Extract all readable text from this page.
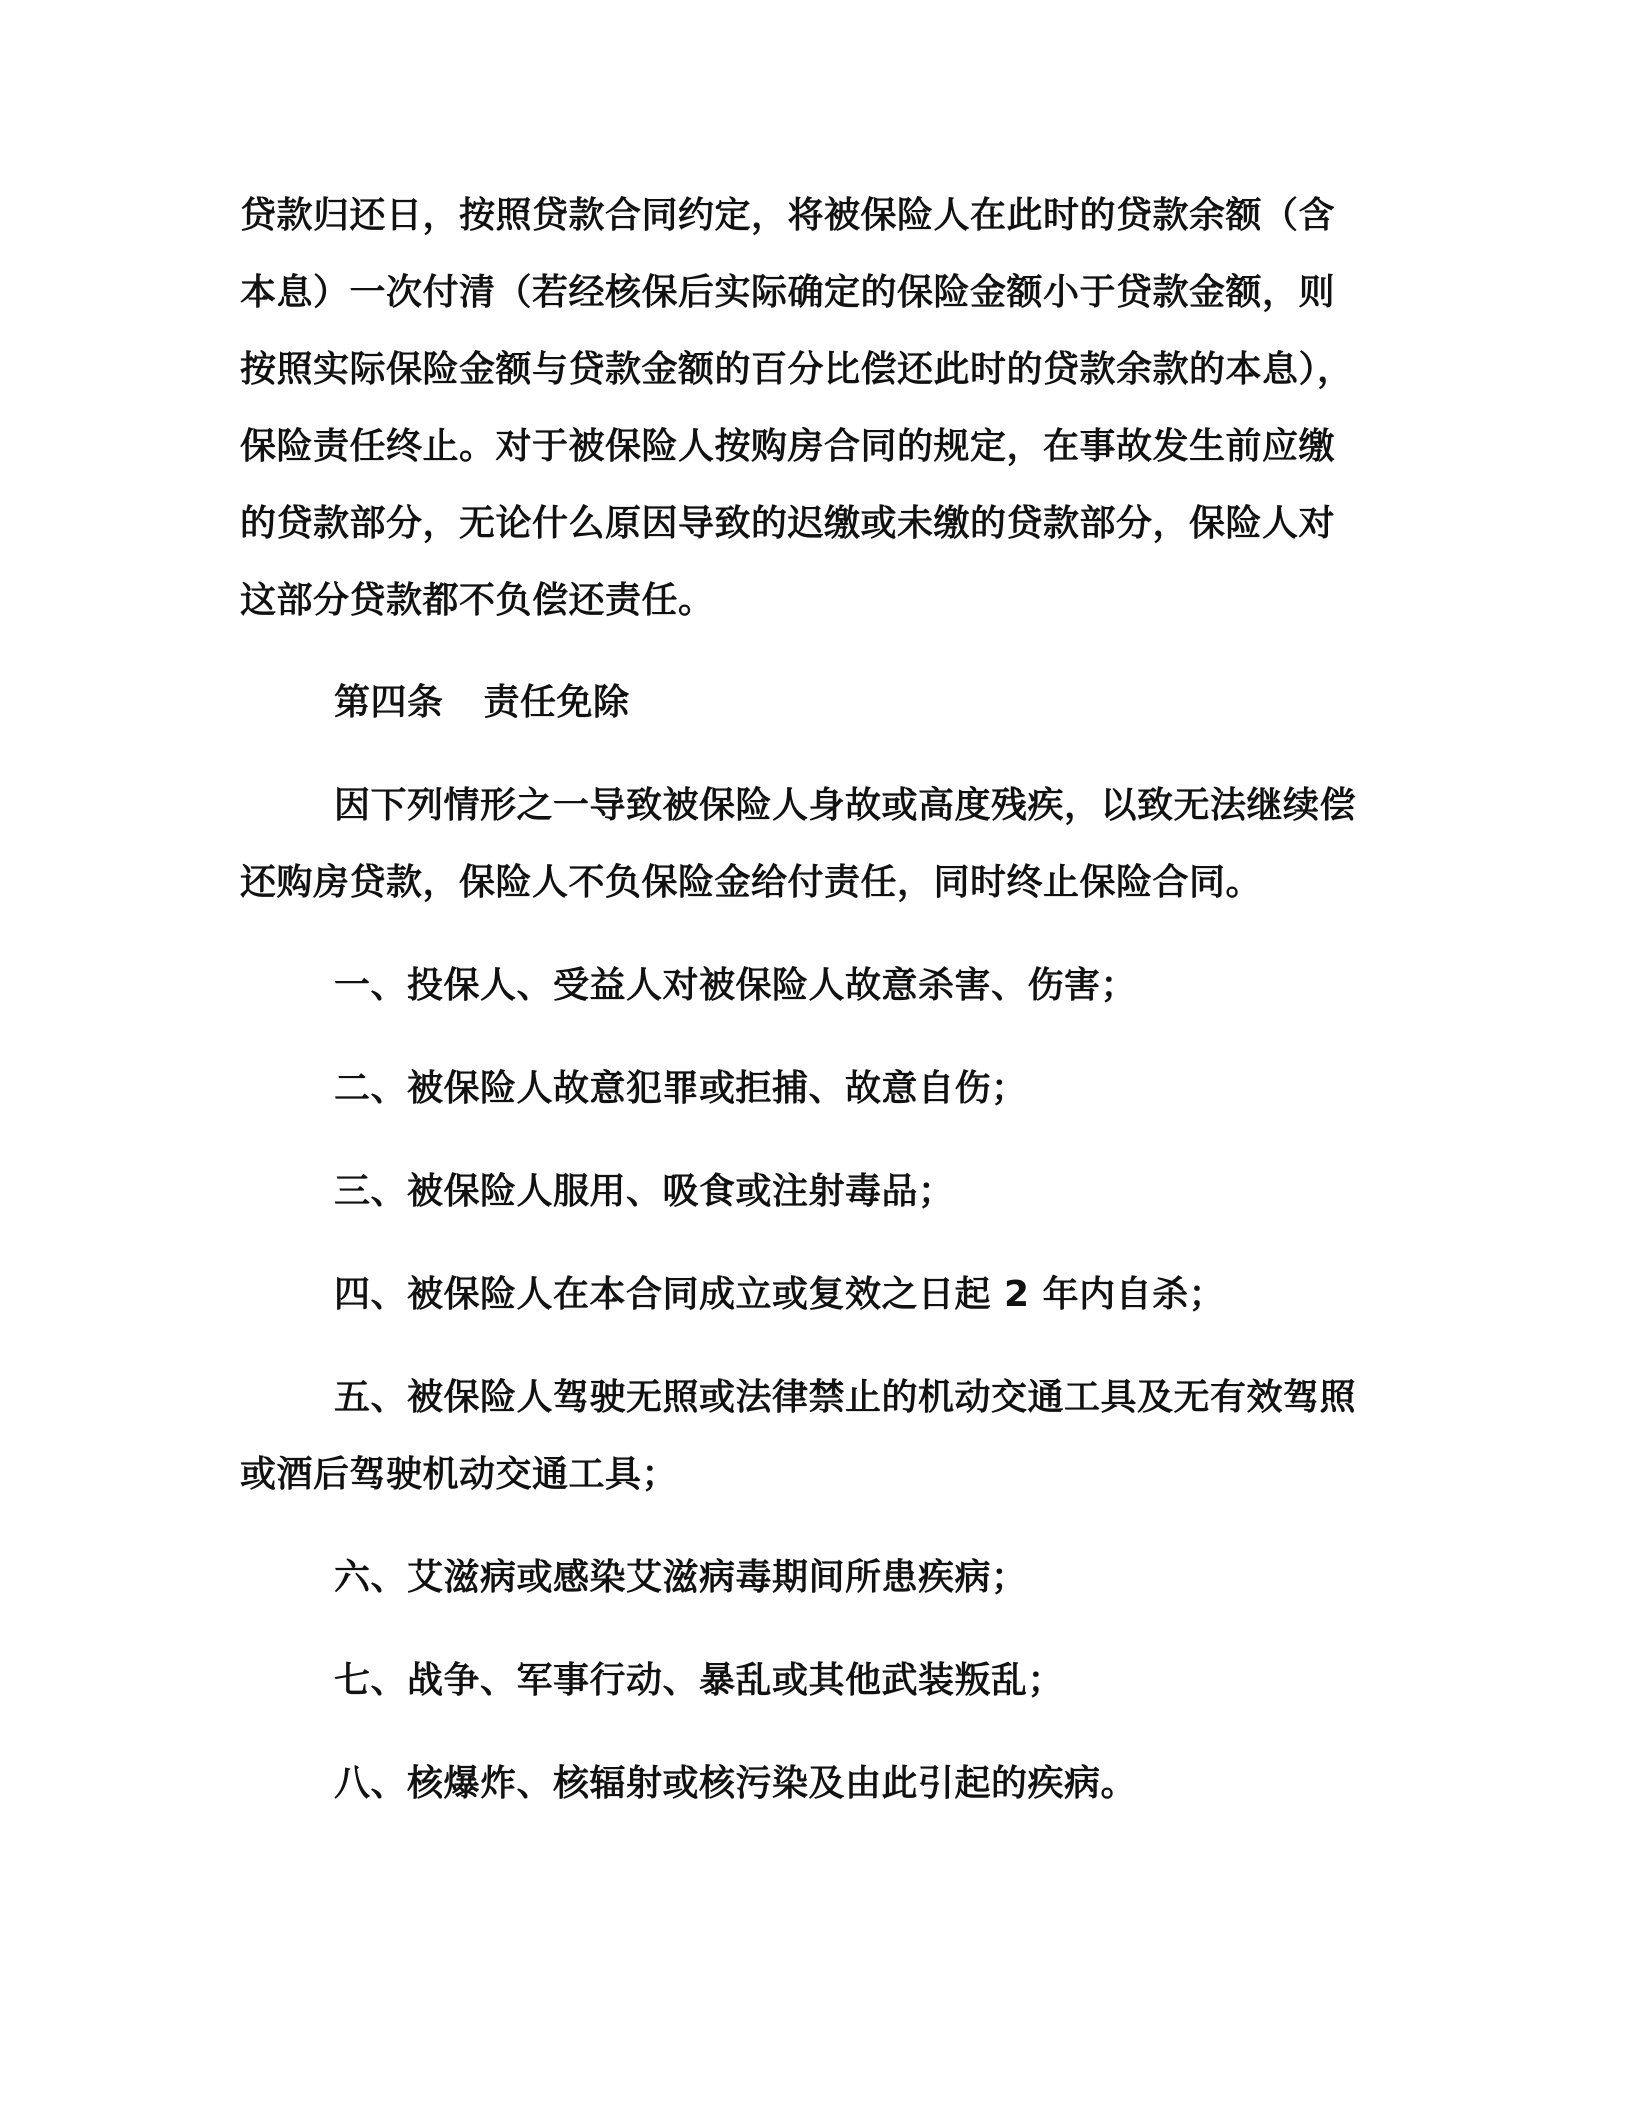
贷款归还日，按照贷款合同约定，将被保险人在此时的贷款余额（含
本息）一次付清（若经核保后实际确定的保险金额小于贷款金额，则
按照实际保险金额与贷款金额的百分比偿还此时的贷款余款的本息），
保险责任终止。对于被保险人按购房合同的规定，在事故发生前应缴
的贷款部分，无论什么原因导致的迟缴或未缴的贷款部分，保险人对
这部分贷款都不负偿还责任。
第四条 责任免除
因下列情形之一导致被保险人身故或高度残疾，以致无法继续偿
还购房贷款，保险人不负保险金给付责任，同时终止保险合同。
一、投保人、受益人对被保险人故意杀害、伤害；
二、被保险人故意犯罪或拒捕、故意自伤；
三、被保险人服用、吸食或注射毒品；
四、被保险人在本合同成立或复效之日起 2 年内自杀；
五、被保险人驾驶无照或法律禁止的机动交通工具及无有效驾照
或酒后驾驶机动交通工具；
六、艾滋病或感染艾滋病毒期间所患疾病；
七、战争、军事行动、暴乱或其他武装叛乱；
八、核爆炸、核辐射或核污染及由此引起的疾病。
